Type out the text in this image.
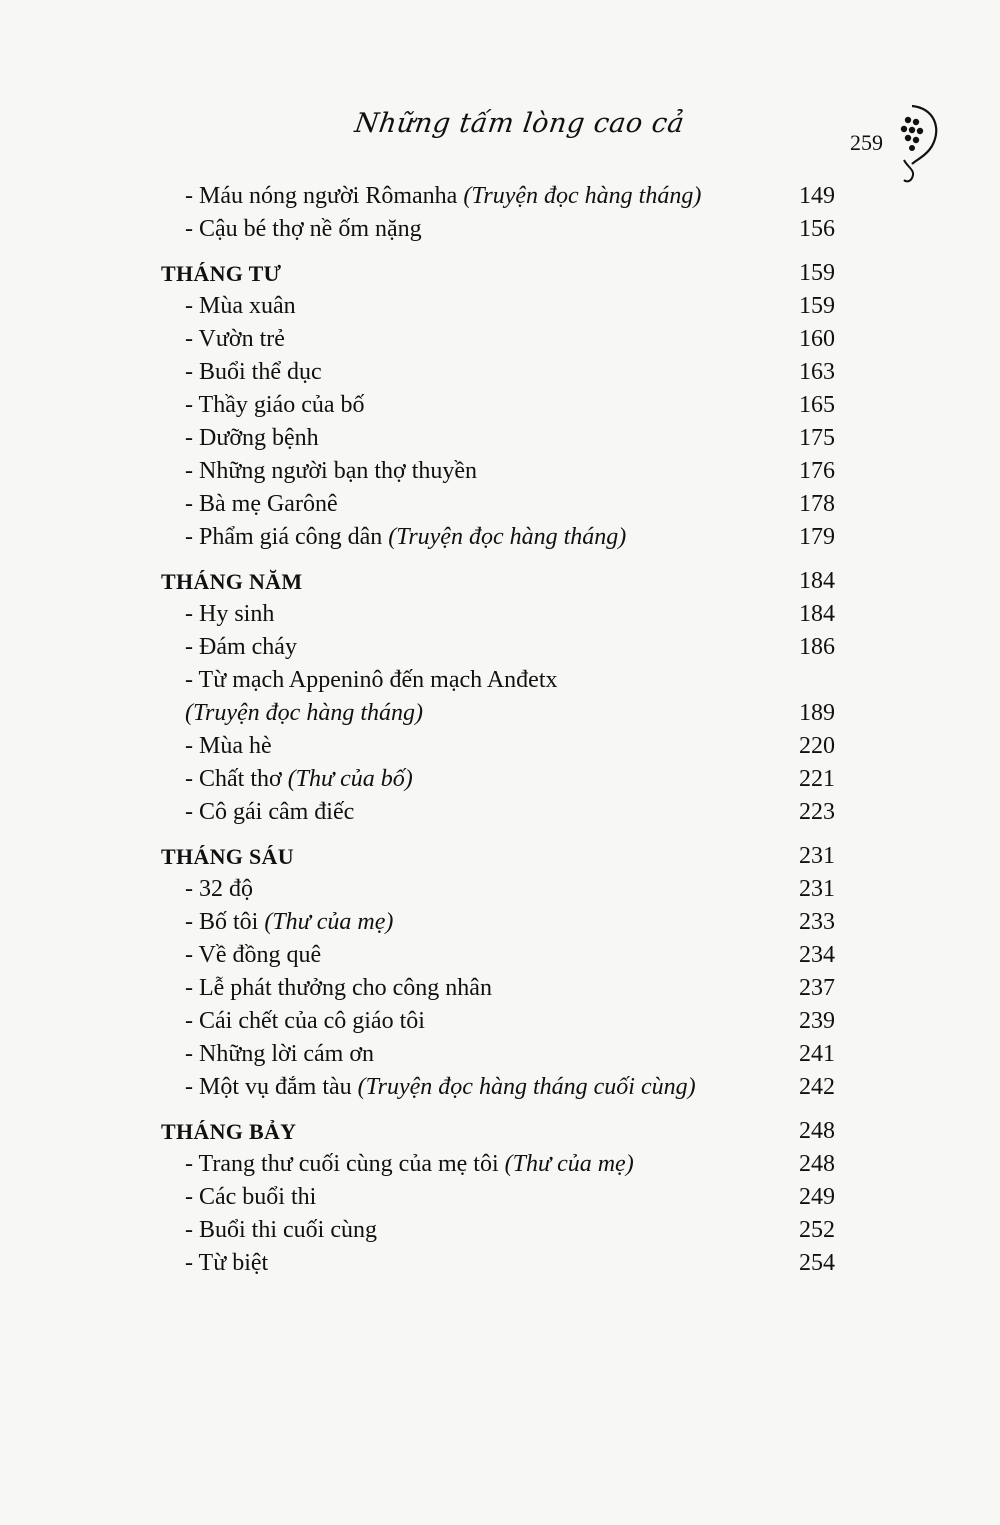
Những tấm lòng cao cả
259
- Máu nóng người Rômanha (Truyện đọc hàng tháng)	149
- Cậu bé thợ nề ốm nặng	156
THÁNG TƯ	159
- Mùa xuân	159
- Vườn trẻ	160
- Buổi thể dục	163
- Thầy giáo của bố	165
- Dưỡng bệnh	175
- Những người bạn thợ thuyền	176
- Bà mẹ Garônê	178
- Phẩm giá công dân (Truyện đọc hàng tháng)	179
THÁNG NĂM	184
- Hy sinh	184
- Đám cháy	186
- Từ mạch Appeninô đến mạch Anđetx
(Truyện đọc hàng tháng)	189
- Mùa hè	220
- Chất thơ (Thư của bố)	221
- Cô gái câm điếc	223
THÁNG SÁU	231
- 32 độ	231
- Bố tôi (Thư của mẹ)	233
- Về đồng quê	234
- Lễ phát thưởng cho công nhân	237
- Cái chết của cô giáo tôi	239
- Những lời cám ơn	241
- Một vụ đắm tàu (Truyện đọc hàng tháng cuối cùng)	242
THÁNG BẢY	248
- Trang thư cuối cùng của mẹ tôi (Thư của mẹ)	248
- Các buổi thi	249
- Buổi thi cuối cùng	252
- Từ biệt	254
